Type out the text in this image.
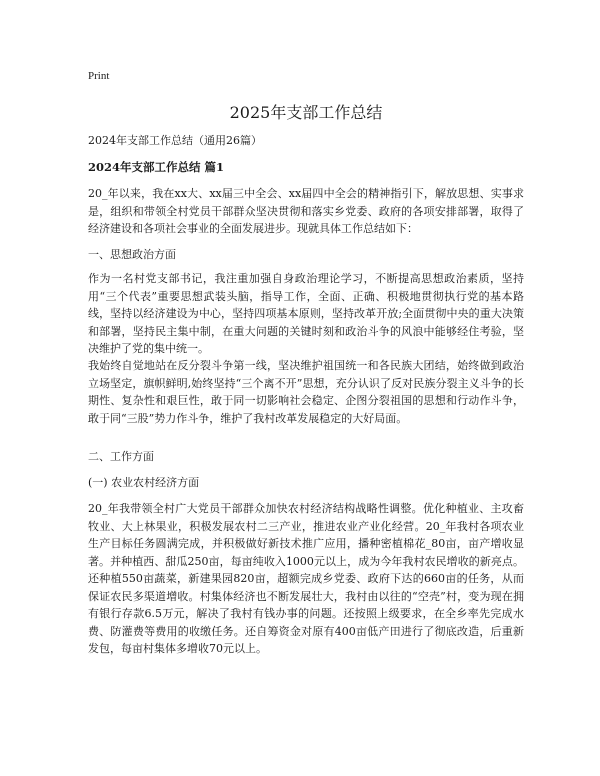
Print
2025年支部工作总结

2024年支部工作总结（通用26篇）

2024年支部工作总结 篇1

20_年以来，我在xx大、xx届三中全会、xx届四中全会的精神指引下，解放思想、实事求是，组织和带领全村党员干部群众坚决贯彻和落实乡党委、政府的各项安排部署，取得了经济建设和各项社会事业的全面发展进步。现就具体工作总结如下：

一、思想政治方面

作为一名村党支部书记，我注重加强自身政治理论学习，不断提高思想政治素质，坚持用“三个代表”重要思想武装头脑，指导工作，全面、正确、积极地贯彻执行党的基本路线，坚持以经济建设为中心，坚持四项基本原则，坚持改革开放;全面贯彻中央的重大决策和部署，坚持民主集中制，在重大问题的关键时刻和政治斗争的风浪中能够经住考验，坚决维护了党的集中统一。

我始终自觉地站在反分裂斗争第一线，坚决维护祖国统一和各民族大团结，始终做到政治立场坚定，旗帜鲜明,始终坚持“三个离不开”思想，充分认识了反对民族分裂主义斗争的长期性、复杂性和艰巨性，敢于同一切影响社会稳定、企图分裂祖国的思想和行动作斗争，敢于同“三股”势力作斗争，维护了我村改革发展稳定的大好局面。

二、工作方面

(一) 农业农村经济方面

20_年我带领全村广大党员干部群众加快农村经济结构战略性调整。优化种植业、主攻畜牧业、大上林果业，积极发展农村二三产业，推进农业产业化经营。20_年我村各项农业生产目标任务圆满完成，并积极做好新技术推广应用，播种密植棉花_80亩，亩产增收显著。并种植西、甜瓜250亩，每亩纯收入1000元以上，成为今年我村农民增收的新亮点。还种植550亩蔬菜，新建果园820亩，超额完成乡党委、政府下达的660亩的任务，从而保证农民多渠道增收。村集体经济也不断发展壮大，我村由以往的“空壳”村，变为现在拥有银行存款6.5万元，解决了我村有钱办事的问题。还按照上级要求，在全乡率先完成水费、防灌费等费用的收缴任务。还自筹资金对原有400亩低产田进行了彻底改造，后重新发包，每亩村集体多增收70元以上。
